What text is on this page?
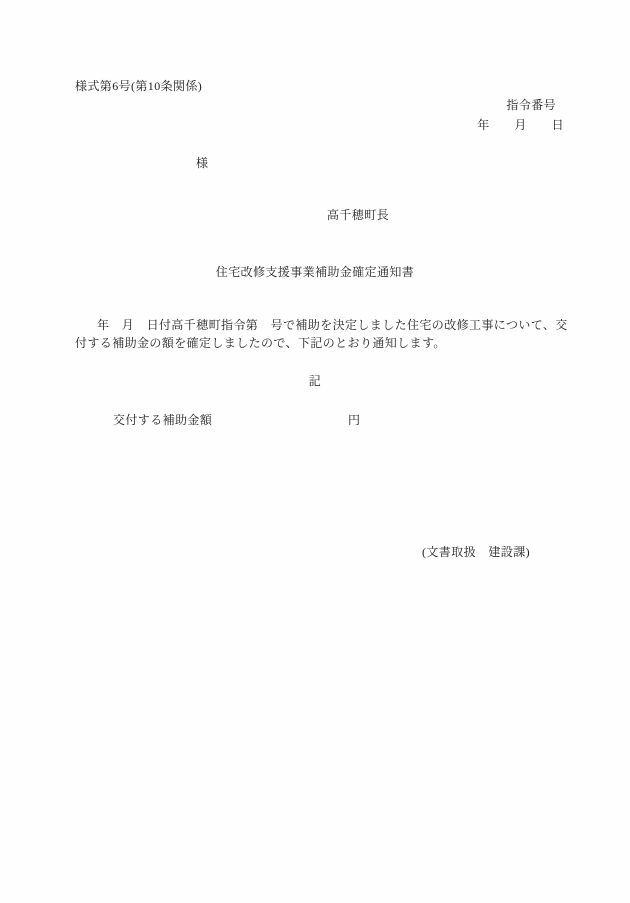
様式第6号(第10条関係)
指令番号
年　　月　　日
様
高千穂町長
住宅改修支援事業補助金確定通知書
年　月　日付高千穂町指令第　号で補助を決定しました住宅の改修工事について、交
付する補助金の額を確定しましたので、下記のとおり通知します。
記
交付する補助金額	円
(文書取扱　建設課)
